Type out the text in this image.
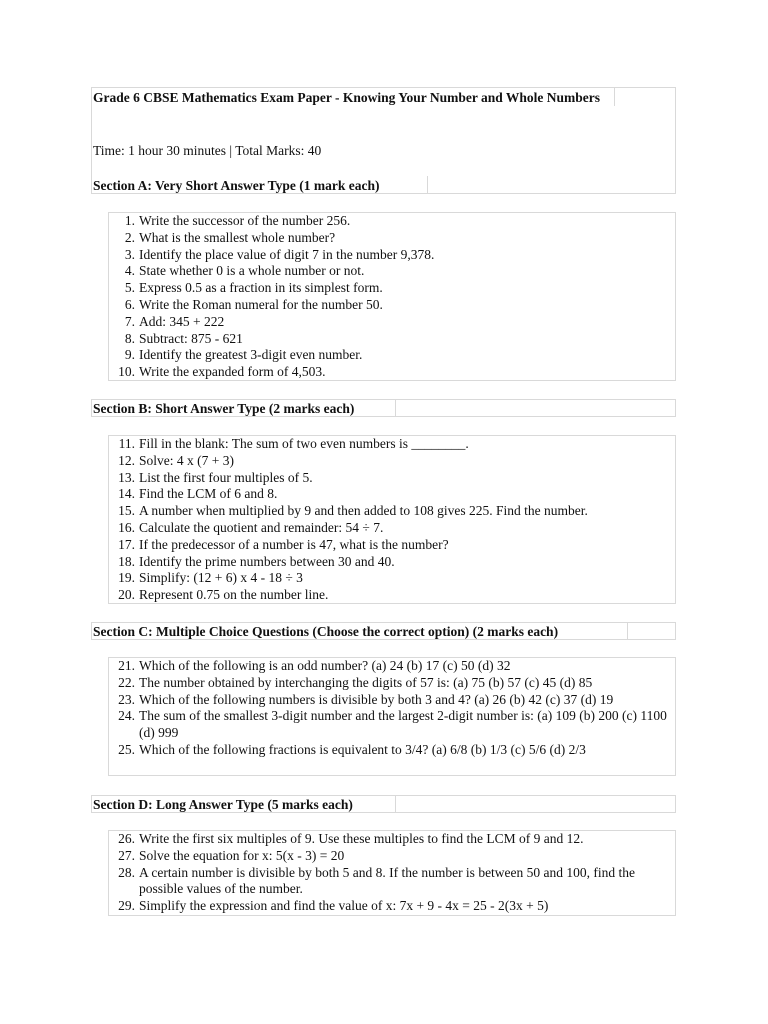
Grade 6 CBSE Mathematics Exam Paper - Knowing Your Number and Whole Numbers
Time: 1 hour 30 minutes | Total Marks: 40
Section A: Very Short Answer Type (1 mark each)
1. Write the successor of the number 256.
2. What is the smallest whole number?
3. Identify the place value of digit 7 in the number 9,378.
4. State whether 0 is a whole number or not.
5. Express 0.5 as a fraction in its simplest form.
6. Write the Roman numeral for the number 50.
7. Add: 345 + 222
8. Subtract: 875 - 621
9. Identify the greatest 3-digit even number.
10. Write the expanded form of 4,503.
Section B: Short Answer Type (2 marks each)
11. Fill in the blank: The sum of two even numbers is ________.
12. Solve: 4 x (7 + 3)
13. List the first four multiples of 5.
14. Find the LCM of 6 and 8.
15. A number when multiplied by 9 and then added to 108 gives 225. Find the number.
16. Calculate the quotient and remainder: 54 ÷ 7.
17. If the predecessor of a number is 47, what is the number?
18. Identify the prime numbers between 30 and 40.
19. Simplify: (12 + 6) x 4 - 18 ÷ 3
20. Represent 0.75 on the number line.
Section C: Multiple Choice Questions (Choose the correct option) (2 marks each)
21. Which of the following is an odd number? (a) 24 (b) 17 (c) 50 (d) 32
22. The number obtained by interchanging the digits of 57 is: (a) 75 (b) 57 (c) 45 (d) 85
23. Which of the following numbers is divisible by both 3 and 4? (a) 26 (b) 42 (c) 37 (d) 19
24. The sum of the smallest 3-digit number and the largest 2-digit number is: (a) 109 (b) 200 (c) 1100 (d) 999
25. Which of the following fractions is equivalent to 3/4? (a) 6/8 (b) 1/3 (c) 5/6 (d) 2/3
Section D: Long Answer Type (5 marks each)
26. Write the first six multiples of 9. Use these multiples to find the LCM of 9 and 12.
27. Solve the equation for x: 5(x - 3) = 20
28. A certain number is divisible by both 5 and 8. If the number is between 50 and 100, find the possible values of the number.
29. Simplify the expression and find the value of x: 7x + 9 - 4x = 25 - 2(3x + 5)
